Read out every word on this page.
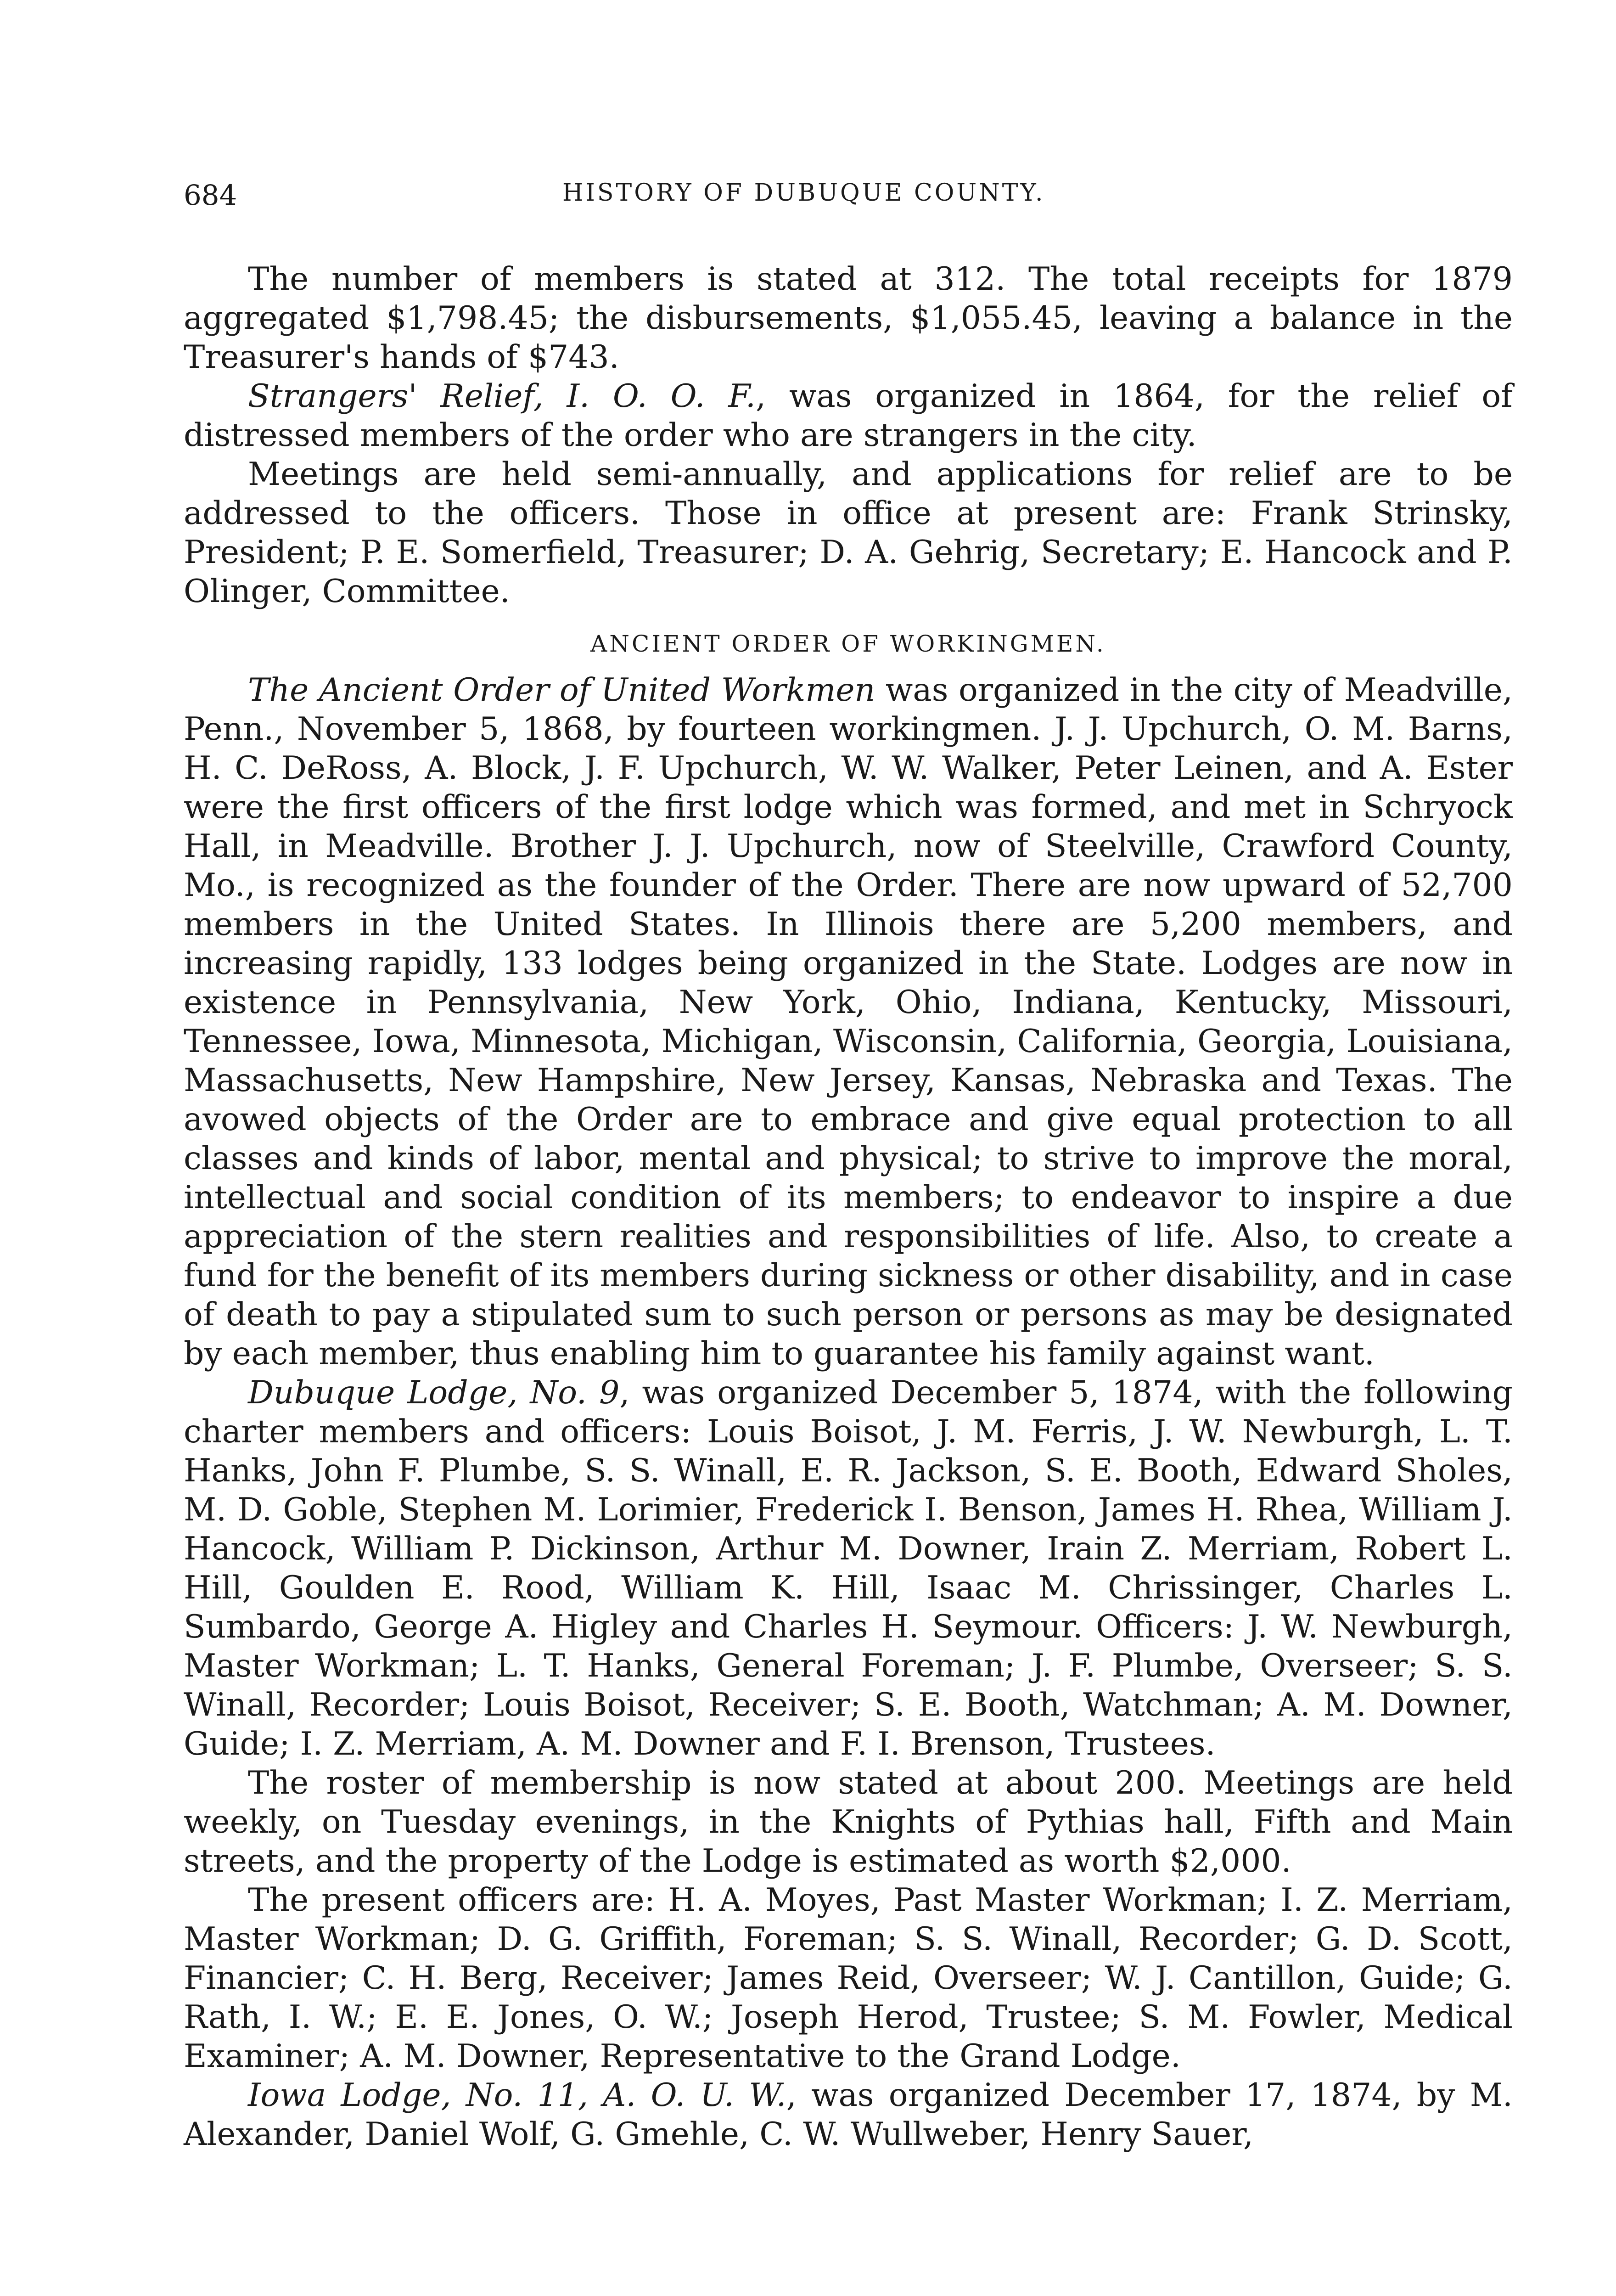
684	HISTORY OF DUBUQUE COUNTY.

The number of members is stated at 312. The total receipts for 1879 aggregated $1,798.45; the disbursements, $1,055.45, leaving a balance in the Treasurer's hands of $743.

Strangers' Relief, I. O. O. F., was organized in 1864, for the relief of distressed members of the order who are strangers in the city.

Meetings are held semi-annually, and applications for relief are to be addressed to the officers. Those in office at present are: Frank Strinsky, President; P. E. Somerfield, Treasurer; D. A. Gehrig, Secretary; E. Hancock and P. Olinger, Committee.

ANCIENT ORDER OF WORKINGMEN.

The Ancient Order of United Workmen was organized in the city of Meadville, Penn., November 5, 1868, by fourteen workingmen. J. J. Upchurch, O. M. Barns, H. C. DeRoss, A. Block, J. F. Upchurch, W. W. Walker, Peter Leinen, and A. Ester were the first officers of the first lodge which was formed, and met in Schryock Hall, in Meadville. Brother J. J. Upchurch, now of Steelville, Crawford County, Mo., is recognized as the founder of the Order. There are now upward of 52,700 members in the United States. In Illinois there are 5,200 members, and increasing rapidly, 133 lodges being organized in the State. Lodges are now in existence in Pennsylvania, New York, Ohio, Indiana, Kentucky, Missouri, Tennessee, Iowa, Minnesota, Michigan, Wisconsin, California, Georgia, Louisiana, Massachusetts, New Hampshire, New Jersey, Kansas, Nebraska and Texas. The avowed objects of the Order are to embrace and give equal protection to all classes and kinds of labor, mental and physical; to strive to improve the moral, intellectual and social condition of its members; to endeavor to inspire a due appreciation of the stern realities and responsibilities of life. Also, to create a fund for the benefit of its members during sickness or other disability, and in case of death to pay a stipulated sum to such person or persons as may be designated by each member, thus enabling him to guarantee his family against want.

Dubuque Lodge, No. 9, was organized December 5, 1874, with the following charter members and officers: Louis Boisot, J. M. Ferris, J. W. Newburgh, L. T. Hanks, John F. Plumbe, S. S. Winall, E. R. Jackson, S. E. Booth, Edward Sholes, M. D. Goble, Stephen M. Lorimier, Frederick I. Benson, James H. Rhea, William J. Hancock, William P. Dickinson, Arthur M. Downer, Irain Z. Merriam, Robert L. Hill, Goulden E. Rood, William K. Hill, Isaac M. Chrissinger, Charles L. Sumbardo, George A. Higley and Charles H. Seymour. Officers: J. W. Newburgh, Master Workman; L. T. Hanks, General Foreman; J. F. Plumbe, Overseer; S. S. Winall, Recorder; Louis Boisot, Receiver; S. E. Booth, Watchman; A. M. Downer, Guide; I. Z. Merriam, A. M. Downer and F. I. Brenson, Trustees.

The roster of membership is now stated at about 200. Meetings are held weekly, on Tuesday evenings, in the Knights of Pythias hall, Fifth and Main streets, and the property of the Lodge is estimated as worth $2,000.

The present officers are: H. A. Moyes, Past Master Workman; I. Z. Merriam, Master Workman; D. G. Griffith, Foreman; S. S. Winall, Recorder; G. D. Scott, Financier; C. H. Berg, Receiver; James Reid, Overseer; W. J. Cantillon, Guide; G. Rath, I. W.; E. E. Jones, O. W.; Joseph Herod, Trustee; S. M. Fowler, Medical Examiner; A. M. Downer, Representative to the Grand Lodge.

Iowa Lodge, No. 11, A. O. U. W., was organized December 17, 1874, by M. Alexander, Daniel Wolf, G. Gmehle, C. W. Wullweber, Henry Sauer,
